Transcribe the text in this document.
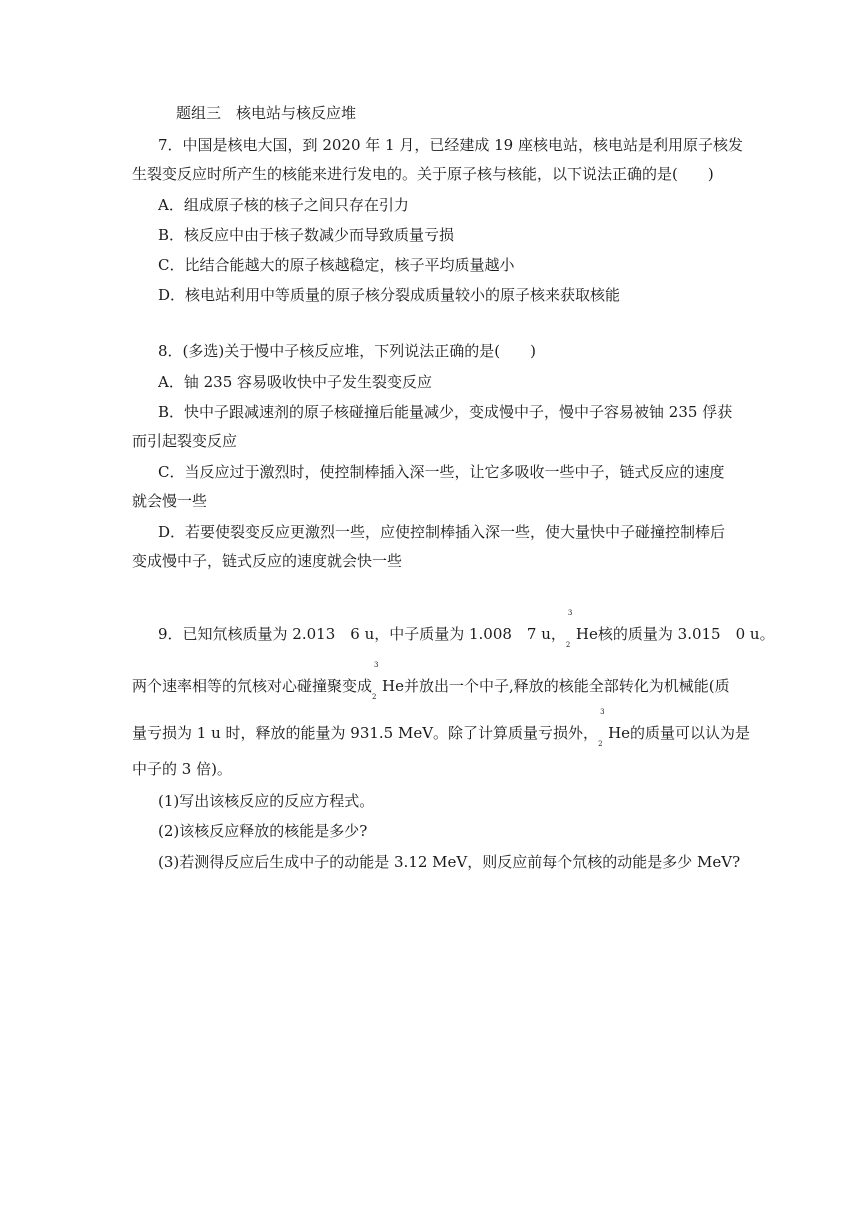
题组三　核电站与核反应堆
7．中国是核电大国，到 2020 年 1 月，已经建成 19 座核电站，核电站是利用原子核发
生裂变反应时所产生的核能来进行发电的。关于原子核与核能，以下说法正确的是(　　)
A．组成原子核的核子之间只存在引力
B．核反应中由于核子数减少而导致质量亏损
C．比结合能越大的原子核越稳定，核子平均质量越小
D．核电站利用中等质量的原子核分裂成质量较小的原子核来获取核能
8．(多选)关于慢中子核反应堆，下列说法正确的是(　　)
A．铀 235 容易吸收快中子发生裂变反应
B．快中子跟减速剂的原子核碰撞后能量减少，变成慢中子，慢中子容易被铀 235 俘获
而引起裂变反应
C．当反应过于激烈时，使控制棒插入深一些，让它多吸收一些中子，链式反应的速度
就会慢一些
D．若要使裂变反应更激烈一些，应使控制棒插入深一些，使大量快中子碰撞控制棒后
变成慢中子，链式反应的速度就会快一些
9．已知氘核质量为 2.013　6 u，中子质量为 1.008　7 u，
3
2
He核的质量为 3.015　0 u。
两个速率相等的氘核对心碰撞聚变成
3
2
He并放出一个中子,释放的核能全部转化为机械能(质
量亏损为 1 u 时，释放的能量为 931.5 MeV。除了计算质量亏损外，
3
2
He的质量可以认为是
中子的 3 倍)。
(1)写出该核反应的反应方程式。
(2)该核反应释放的核能是多少?
(3)若测得反应后生成中子的动能是 3.12 MeV，则反应前每个氘核的动能是多少 MeV?
